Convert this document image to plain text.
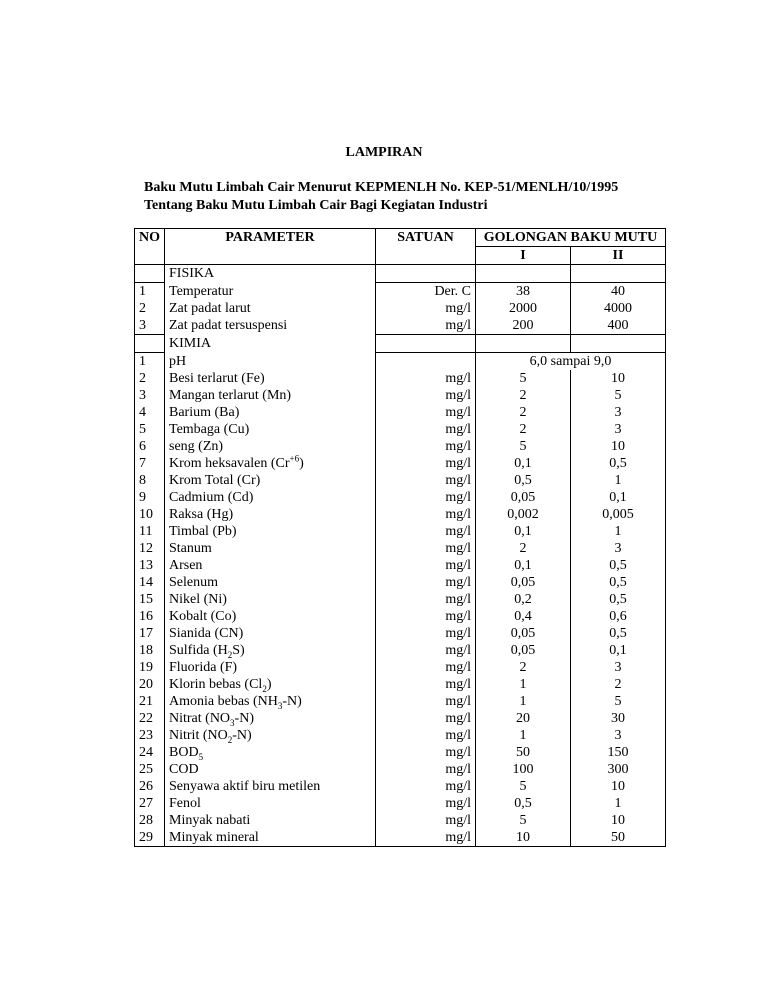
LAMPIRAN
Baku Mutu Limbah Cair Menurut KEPMENLH No. KEP-51/MENLH/10/1995
Tentang Baku Mutu Limbah Cair Bagi Kegiatan Industri
NO	PARAMETER	SATUAN	GOLONGAN BAKU MUTU	
			I	II
	FISIKA			
1	Temperatur	Der. C	38	40
2	Zat padat larut	mg/l	2000	4000
3	Zat padat tersuspensi	mg/l	200	400
	KIMIA			
1	pH		6,0 sampai 9,0	
2	Besi terlarut (Fe)	mg/l	5	10
3	Mangan terlarut (Mn)	mg/l	2	5
4	Barium (Ba)	mg/l	2	3
5	Tembaga (Cu)	mg/l	2	3
6	seng (Zn)	mg/l	5	10
7	Krom heksavalen $(Cr^{+6})$	mg/l	0,1	0,5
8	Krom Total (Cr)	mg/l	0,5	1
9	Cadmium (Cd)	mg/l	0,05	0,1
10	Raksa (Hg)	mg/l	0,002	0,005
11	Timbal (Pb)	mg/l	0,1	1
12	Stanum	mg/l	2	3
13	Arsen	mg/l	0,1	0,5
14	Selenum	mg/l	0,05	0,5
15	Nikel (Ni)	mg/l	0,2	0,5
16	Kobalt (Co)	mg/l	0,4	0,6
17	Sianida (CN)	mg/l	0,05	0,5
18	Sulfida $(H_2S)$	mg/l	0,05	0,1
19	Fluorida (F)	mg/l	2	3
20	Klorin bebas $(Cl_2)$	mg/l	1	2
21	Amonia bebas $(NH_3-N)$	mg/l	1	5
22	Nitrat $(NO_3-N)$	mg/l	20	30
23	Nitrit $(NO_2-N)$	mg/l	1	3
24	$BOD_5$	mg/l	50	150
25	COD	mg/l	100	300
26	Senyawa aktif biru metilen	mg/l	5	10
27	Fenol	mg/l	0,5	1
28	Minyak nabati	mg/l	5	10
29	Minyak mineral	mg/l	10	50
